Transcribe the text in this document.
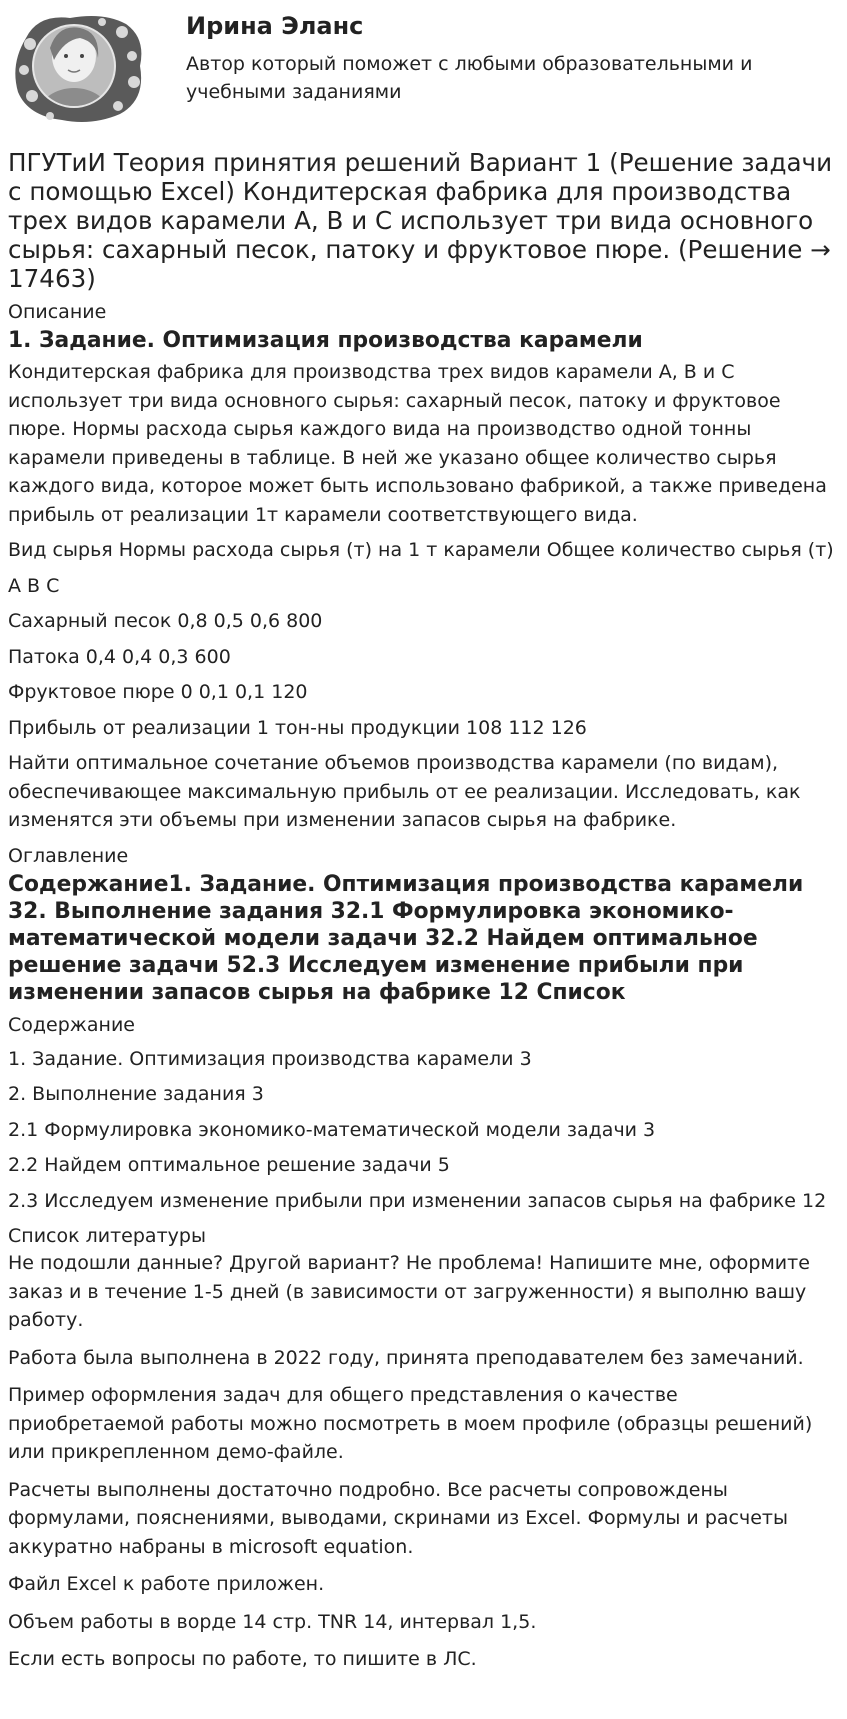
Ирина Эланс
Автор который поможет с любыми образовательными и учебными заданиями
ПГУТиИ Теория принятия решений Вариант 1 (Решение задачи с помощью Excel) Кондитерская фабрика для производства трех видов карамели A, B и C использует три вида основного сырья: сахарный песок, патоку и фруктовое пюре. (Решение → 17463)
Описание
1. Задание. Оптимизация производства карамели

Кондитерская фабрика для производства трех видов карамели A, B и C использует три вида основного сырья: сахарный песок, патоку и фруктовое пюре. Нормы расхода сырья каждого вида на производство одной тонны карамели приведены в таблице. В ней же указано общее количество сырья каждого вида, которое может быть использовано фабрикой, а также приведена прибыль от реализации 1т карамели соответствующего вида.

Вид сырья Нормы расхода сырья (т) на 1 т карамели Общее количество сырья (т)

A B C

Сахарный песок 0,8 0,5 0,6 800

Патока 0,4 0,4 0,3 600

Фруктовое пюре 0 0,1 0,1 120

Прибыль от реализации 1 тон-ны продукции 108 112 126

Найти оптимальное сочетание объемов производства карамели (по видам), обеспечивающее максимальную прибыль от ее реализации. Исследовать, как изменятся эти объемы при изменении запасов сырья на фабрике.

Оглавление
Содержание1. Задание. Оптимизация производства карамели 32. Выполнение задания 32.1 Формулировка экономико-математической модели задачи 32.2 Найдем оптимальное решение задачи 52.3 Исследуем изменение прибыли при изменении запасов сырья на фабрике 12 Список
Содержание

1. Задание. Оптимизация производства карамели 3

2. Выполнение задания 3

2.1 Формулировка экономико-математической модели задачи 3

2.2 Найдем оптимальное решение задачи 5

2.3 Исследуем изменение прибыли при изменении запасов сырья на фабрике 12

Список литературы

Не подошли данные? Другой вариант? Не проблема! Напишите мне, оформите заказ и в течение 1-5 дней (в зависимости от загруженности) я выполню вашу работу.

Работа была выполнена в 2022 году, принята преподавателем без замечаний.

Пример оформления задач для общего представления о качестве приобретаемой работы можно посмотреть в моем профиле (образцы решений) или прикрепленном демо-файле.

Расчеты выполнены достаточно подробно. Все расчеты сопровождены формулами, пояснениями, выводами, скринами из Excel. Формулы и расчеты аккуратно набраны в microsoft equation.

Файл Excel к работе приложен.

Объем работы в ворде 14 стр. TNR 14, интервал 1,5.

Если есть вопросы по работе, то пишите в ЛС.
